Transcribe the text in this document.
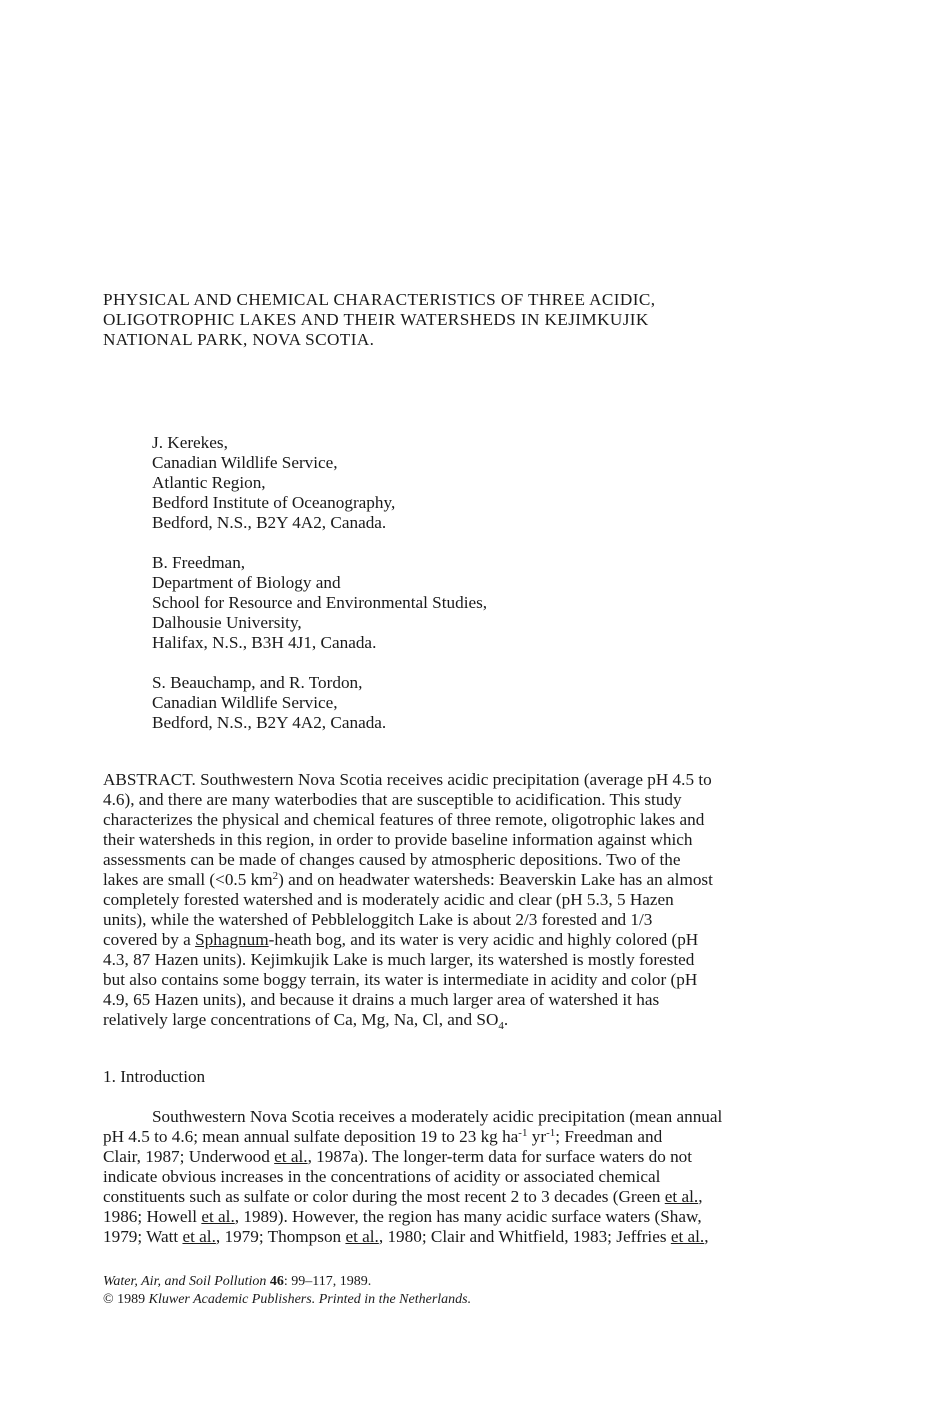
PHYSICAL AND CHEMICAL CHARACTERISTICS OF THREE ACIDIC,
OLIGOTROPHIC LAKES AND THEIR WATERSHEDS IN KEJIMKUJIK
NATIONAL PARK, NOVA SCOTIA.
J. Kerekes,
Canadian Wildlife Service,
Atlantic Region,
Bedford Institute of Oceanography,
Bedford, N.S., B2Y 4A2, Canada.
B. Freedman,
Department of Biology and
School for Resource and Environmental Studies,
Dalhousie University,
Halifax, N.S., B3H 4J1, Canada.
S. Beauchamp, and R. Tordon,
Canadian Wildlife Service,
Bedford, N.S., B2Y 4A2, Canada.
ABSTRACT. Southwestern Nova Scotia receives acidic precipitation (average pH 4.5 to
4.6), and there are many waterbodies that are susceptible to acidification. This study
characterizes the physical and chemical features of three remote, oligotrophic lakes and
their watersheds in this region, in order to provide baseline information against which
assessments can be made of changes caused by atmospheric depositions. Two of the
lakes are small (<0.5 $km^2$) and on headwater watersheds: Beaverskin Lake has an almost
completely forested watershed and is moderately acidic and clear (pH 5.3, 5 Hazen
units), while the watershed of Pebbleloggitch Lake is about 2/3 forested and 1/3
covered by a Sphagnum-heath bog, and its water is very acidic and highly colored (pH
4.3, 87 Hazen units). Kejimkujik Lake is much larger, its watershed is mostly forested
but also contains some boggy terrain, its water is intermediate in acidity and color (pH
4.9, 65 Hazen units), and because it drains a much larger area of watershed it has
relatively large concentrations of Ca, Mg, Na, Cl, and $SO_4$.
1. Introduction
Southwestern Nova Scotia receives a moderately acidic precipitation (mean annual
pH 4.5 to 4.6; mean annual sulfate deposition 19 to 23 kg $ha^{-1}$ $yr^{-1}$; Freedman and
Clair, 1987; Underwood et al., 1987a). The longer-term data for surface waters do not
indicate obvious increases in the concentrations of acidity or associated chemical
constituents such as sulfate or color during the most recent 2 to 3 decades (Green et al.,
1986; Howell et al., 1989). However, the region has many acidic surface waters (Shaw,
1979; Watt et al., 1979; Thompson et al., 1980; Clair and Whitfield, 1983; Jeffries et al.,
Water, Air, and Soil Pollution 46: 99–117, 1989.
© 1989 Kluwer Academic Publishers. Printed in the Netherlands.
